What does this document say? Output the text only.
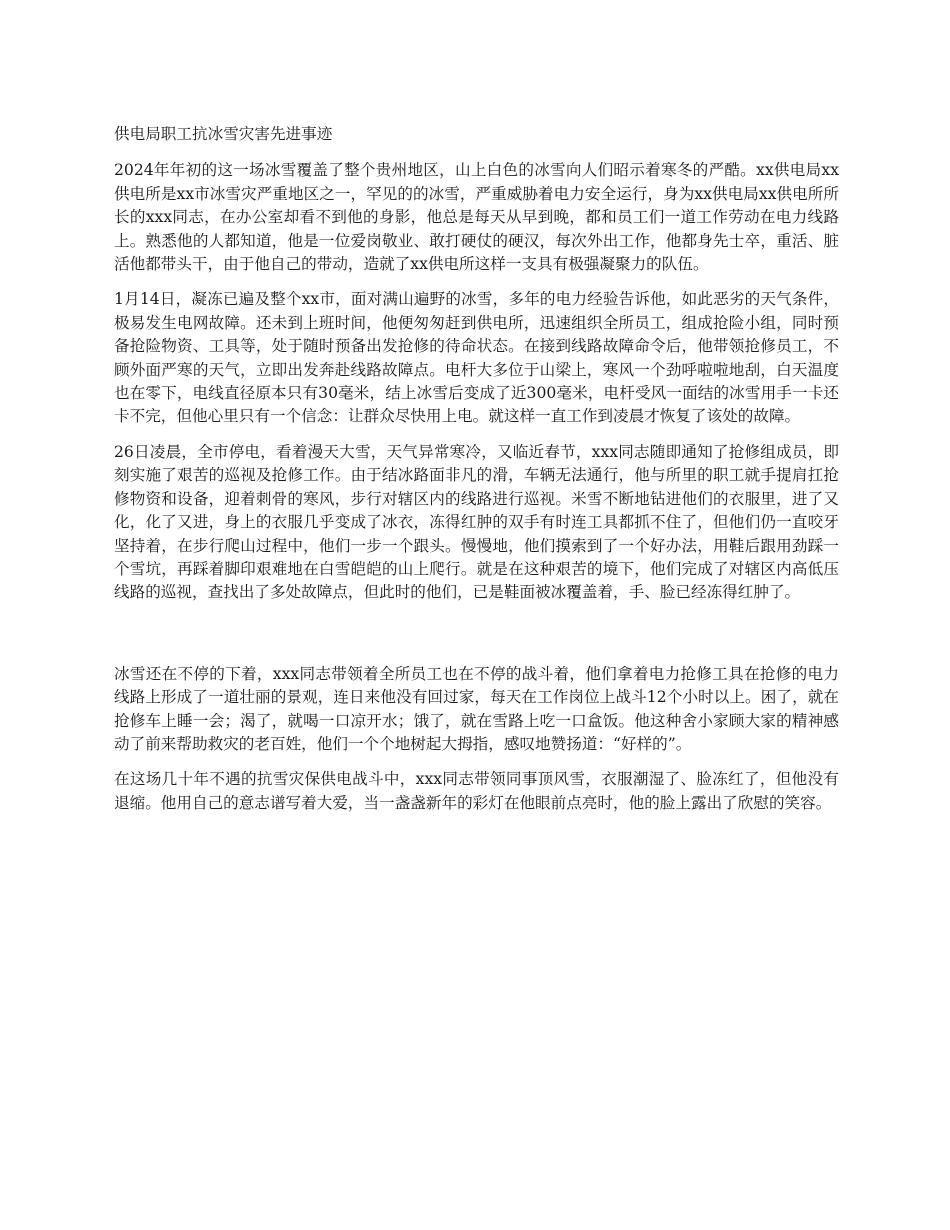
供电局职工抗冰雪灾害先进事迹

2024年年初的这一场冰雪覆盖了整个贵州地区，山上白色的冰雪向人们昭示着寒冬的严酷。xx供电局xx供电所是xx市冰雪灾严重地区之一，罕见的的冰雪，严重威胁着电力安全运行，身为xx供电局xx供电所所长的xxx同志，在办公室却看不到他的身影，他总是每天从早到晚，都和员工们一道工作劳动在电力线路上。熟悉他的人都知道，他是一位爱岗敬业、敢打硬仗的硬汉，每次外出工作，他都身先士卒，重活、脏活他都带头干，由于他自己的带动，造就了xx供电所这样一支具有极强凝聚力的队伍。

1月14日，凝冻已遍及整个xx市，面对满山遍野的冰雪，多年的电力经验告诉他，如此恶劣的天气条件，极易发生电网故障。还未到上班时间，他便匆匆赶到供电所，迅速组织全所员工，组成抢险小组，同时预备抢险物资、工具等，处于随时预备出发抢修的待命状态。在接到线路故障命令后，他带领抢修员工，不顾外面严寒的天气，立即出发奔赴线路故障点。电杆大多位于山梁上，寒风一个劲呼啦啦地刮，白天温度也在零下，电线直径原本只有30毫米，结上冰雪后变成了近300毫米，电杆受风一面结的冰雪用手一卡还卡不完，但他心里只有一个信念：让群众尽快用上电。就这样一直工作到凌晨才恢复了该处的故障。

26日凌晨，全市停电，看着漫天大雪，天气异常寒冷，又临近春节，xxx同志随即通知了抢修组成员，即刻实施了艰苦的巡视及抢修工作。由于结冰路面非凡的滑，车辆无法通行，他与所里的职工就手提肩扛抢修物资和设备，迎着刺骨的寒风，步行对辖区内的线路进行巡视。米雪不断地钻进他们的衣服里，进了又化，化了又进，身上的衣服几乎变成了冰衣，冻得红肿的双手有时连工具都抓不住了，但他们仍一直咬牙坚持着，在步行爬山过程中，他们一步一个跟头。慢慢地，他们摸索到了一个好办法，用鞋后跟用劲踩一个雪坑，再踩着脚印艰难地在白雪皑皑的山上爬行。就是在这种艰苦的境下，他们完成了对辖区内高低压线路的巡视，查找出了多处故障点，但此时的他们，已是鞋面被冰覆盖着，手、脸已经冻得红肿了。

冰雪还在不停的下着，xxx同志带领着全所员工也在不停的战斗着，他们拿着电力抢修工具在抢修的电力线路上形成了一道壮丽的景观，连日来他没有回过家，每天在工作岗位上战斗12个小时以上。困了，就在抢修车上睡一会；渴了，就喝一口凉开水；饿了，就在雪路上吃一口盒饭。他这种舍小家顾大家的精神感动了前来帮助救灾的老百姓，他们一个个地树起大拇指，感叹地赞扬道：“好样的”。

在这场几十年不遇的抗雪灾保供电战斗中，xxx同志带领同事顶风雪，衣服潮湿了、脸冻红了，但他没有退缩。他用自己的意志谱写着大爱，当一盏盏新年的彩灯在他眼前点亮时，他的脸上露出了欣慰的笑容。
